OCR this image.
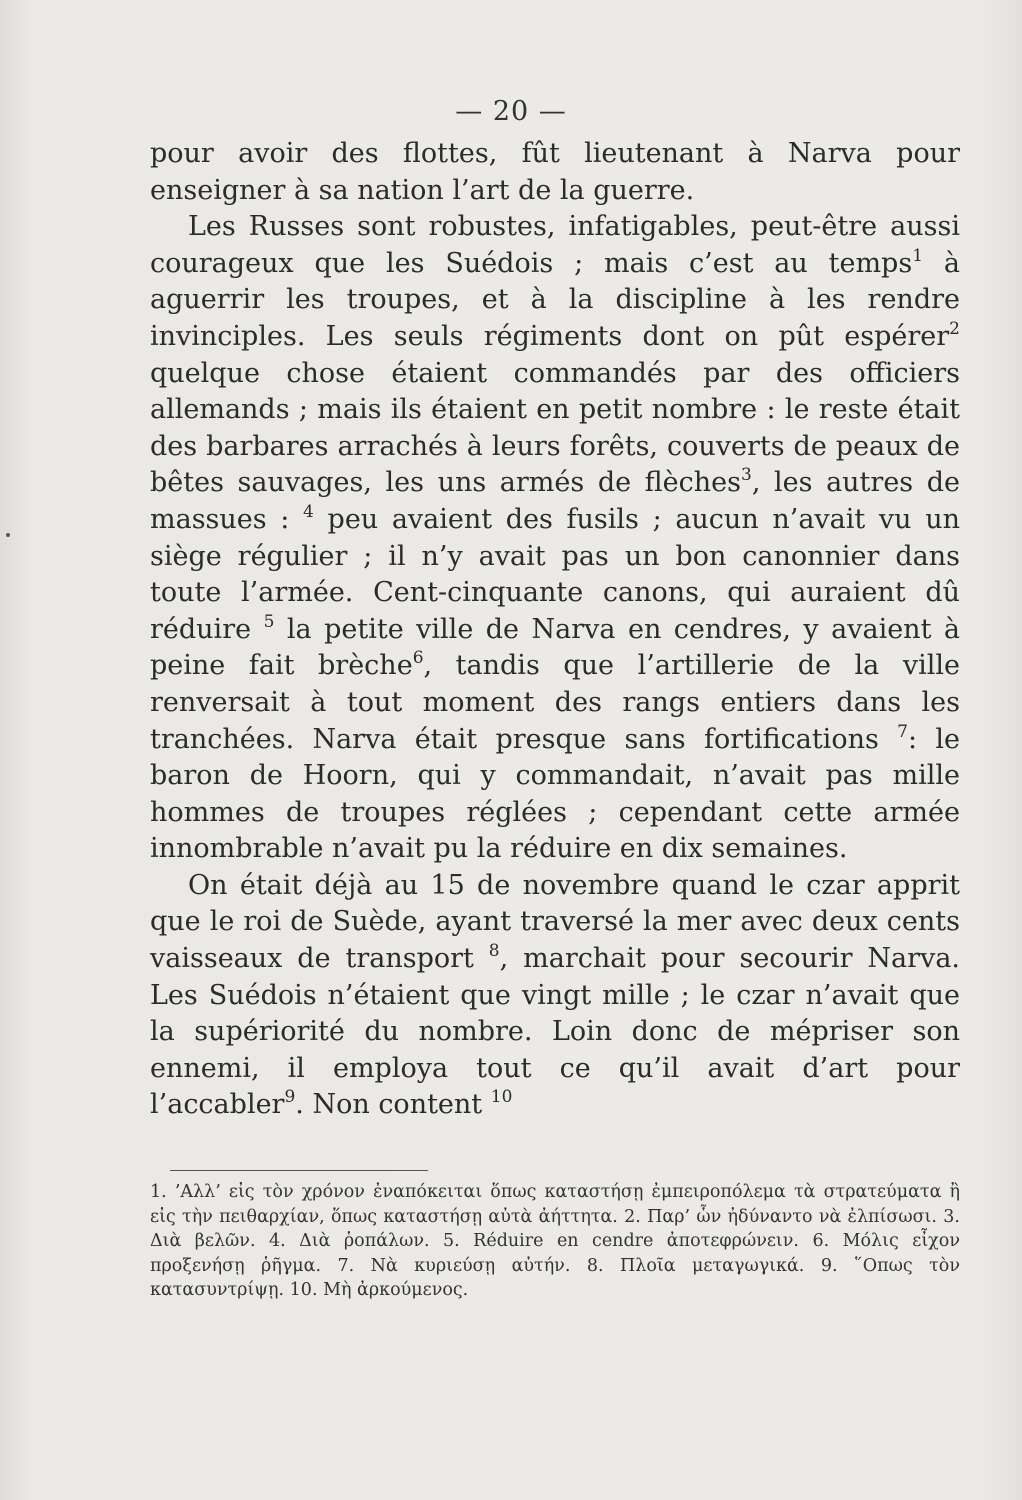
— 20 —

pour avoir des flottes, fût lieutenant à Narva pour enseigner à sa nation l’art de la guerre.

Les Russes sont robustes, infatigables, peut-être aussi courageux que les Suédois ; mais c’est au temps$^1$ à aguerrir les troupes, et à la discipline à les rendre invinciples. Les seuls régiments dont on pût espérer$^2$ quelque chose étaient commandés par des officiers allemands ; mais ils étaient en petit nombre : le reste était des barbares arrachés à leurs forêts, couverts de peaux de bêtes sauvages, les uns armés de flèches$^3$, les autres de massues : $^4$ peu avaient des fusils ; aucun n’avait vu un siège régulier ; il n’y avait pas un bon canonnier dans toute l’armée. Cent-cinquante canons, qui auraient dû réduire $^5$ la petite ville de Narva en cendres, y avaient à peine fait brèche$^6$, tandis que l’artillerie de la ville renversait à tout moment des rangs entiers dans les tranchées. Narva était presque sans fortifications $^7$: le baron de Hoorn, qui y commandait, n’avait pas mille hommes de troupes réglées ; cependant cette armée innombrable n’avait pu la réduire en dix semaines.

On était déjà au 15 de novembre quand le czar apprit que le roi de Suède, ayant traversé la mer avec deux cents vaisseaux de transport $^8$, marchait pour secourir Narva. Les Suédois n’étaient que vingt mille ; le czar n’avait que la supériorité du nombre. Loin donc de mépriser son ennemi, il employa tout ce qu’il avait d’art pour l’accabler$^9$. Non content $^{10}$

1. ’Αλλ’ εἰς τὸν χρόνον ἐναπόκειται ὅπως καταστήσῃ ἐμπειροπόλεμα τὰ στρατεύματα ἢ εἰς τὴν πειθαρχίαν, ὅπως καταστήσῃ αὐτὰ ἀήττητα. 2. Παρ’ ὧν ἠδύναντο νὰ ἐλπίσωσι. 3. Διὰ βελῶν. 4. Διὰ ῥοπάλων. 5. Réduire en cendre ἀποτεφρώνειν. 6. Μόλις εἶχον προξενήσῃ ῥῆγμα. 7. Νὰ κυριεύσῃ αὐτήν. 8. Πλοῖα μεταγωγικά. 9. ῞Οπως τὸν κατασυντρίψῃ. 10. Μὴ ἀρκούμενος.
